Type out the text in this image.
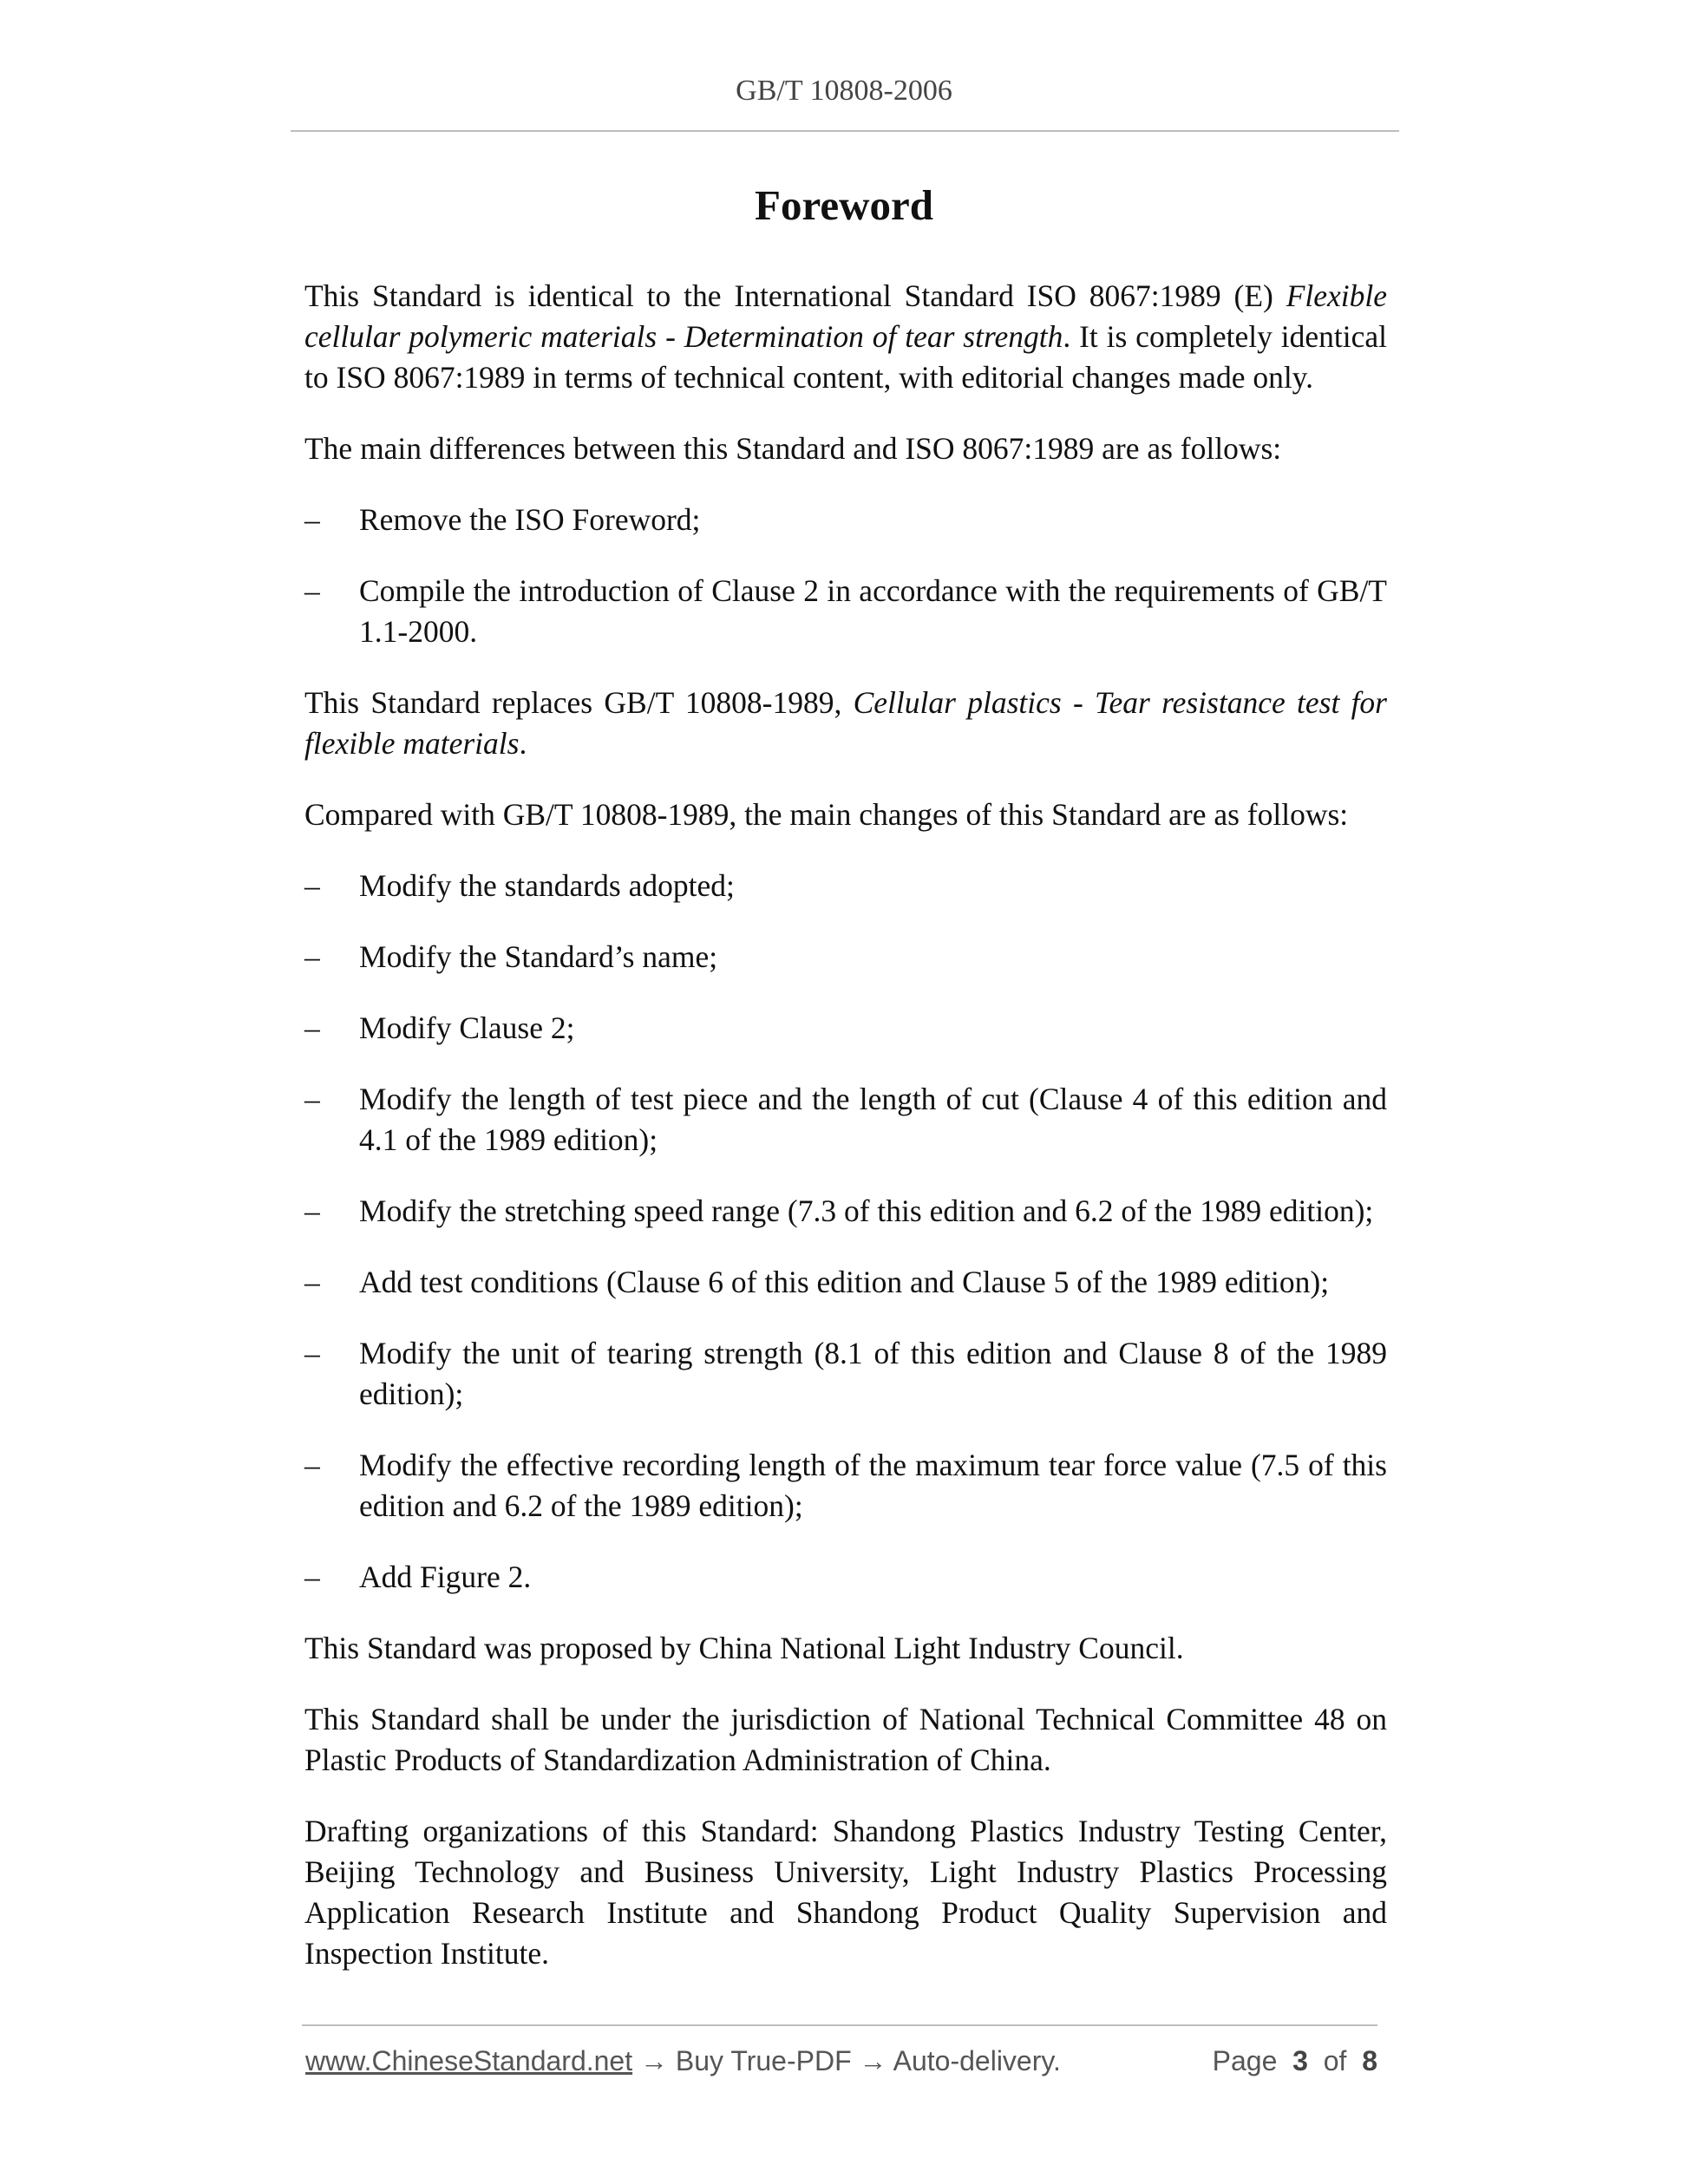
GB/T 10808-2006
Foreword

This Standard is identical to the International Standard ISO 8067:1989 (E) Flexible cellular polymeric materials - Determination of tear strength. It is completely identical to ISO 8067:1989 in terms of technical content, with editorial changes made only.

The main differences between this Standard and ISO 8067:1989 are as follows:

– Remove the ISO Foreword;
– Compile the introduction of Clause 2 in accordance with the requirements of GB/T 1.1-2000.

This Standard replaces GB/T 10808-1989, Cellular plastics - Tear resistance test for flexible materials.

Compared with GB/T 10808-1989, the main changes of this Standard are as follows:

– Modify the standards adopted;
– Modify the Standard’s name;
– Modify Clause 2;
– Modify the length of test piece and the length of cut (Clause 4 of this edition and 4.1 of the 1989 edition);
– Modify the stretching speed range (7.3 of this edition and 6.2 of the 1989 edition);
– Add test conditions (Clause 6 of this edition and Clause 5 of the 1989 edition);
– Modify the unit of tearing strength (8.1 of this edition and Clause 8 of the 1989 edition);
– Modify the effective recording length of the maximum tear force value (7.5 of this edition and 6.2 of the 1989 edition);
– Add Figure 2.

This Standard was proposed by China National Light Industry Council.

This Standard shall be under the jurisdiction of National Technical Committee 48 on Plastic Products of Standardization Administration of China.

Drafting organizations of this Standard: Shandong Plastics Industry Testing Center, Beijing Technology and Business University, Light Industry Plastics Processing Application Research Institute and Shandong Product Quality Supervision and Inspection Institute.

www.ChineseStandard.net → Buy True-PDF → Auto-delivery.	Page 3 of 8
